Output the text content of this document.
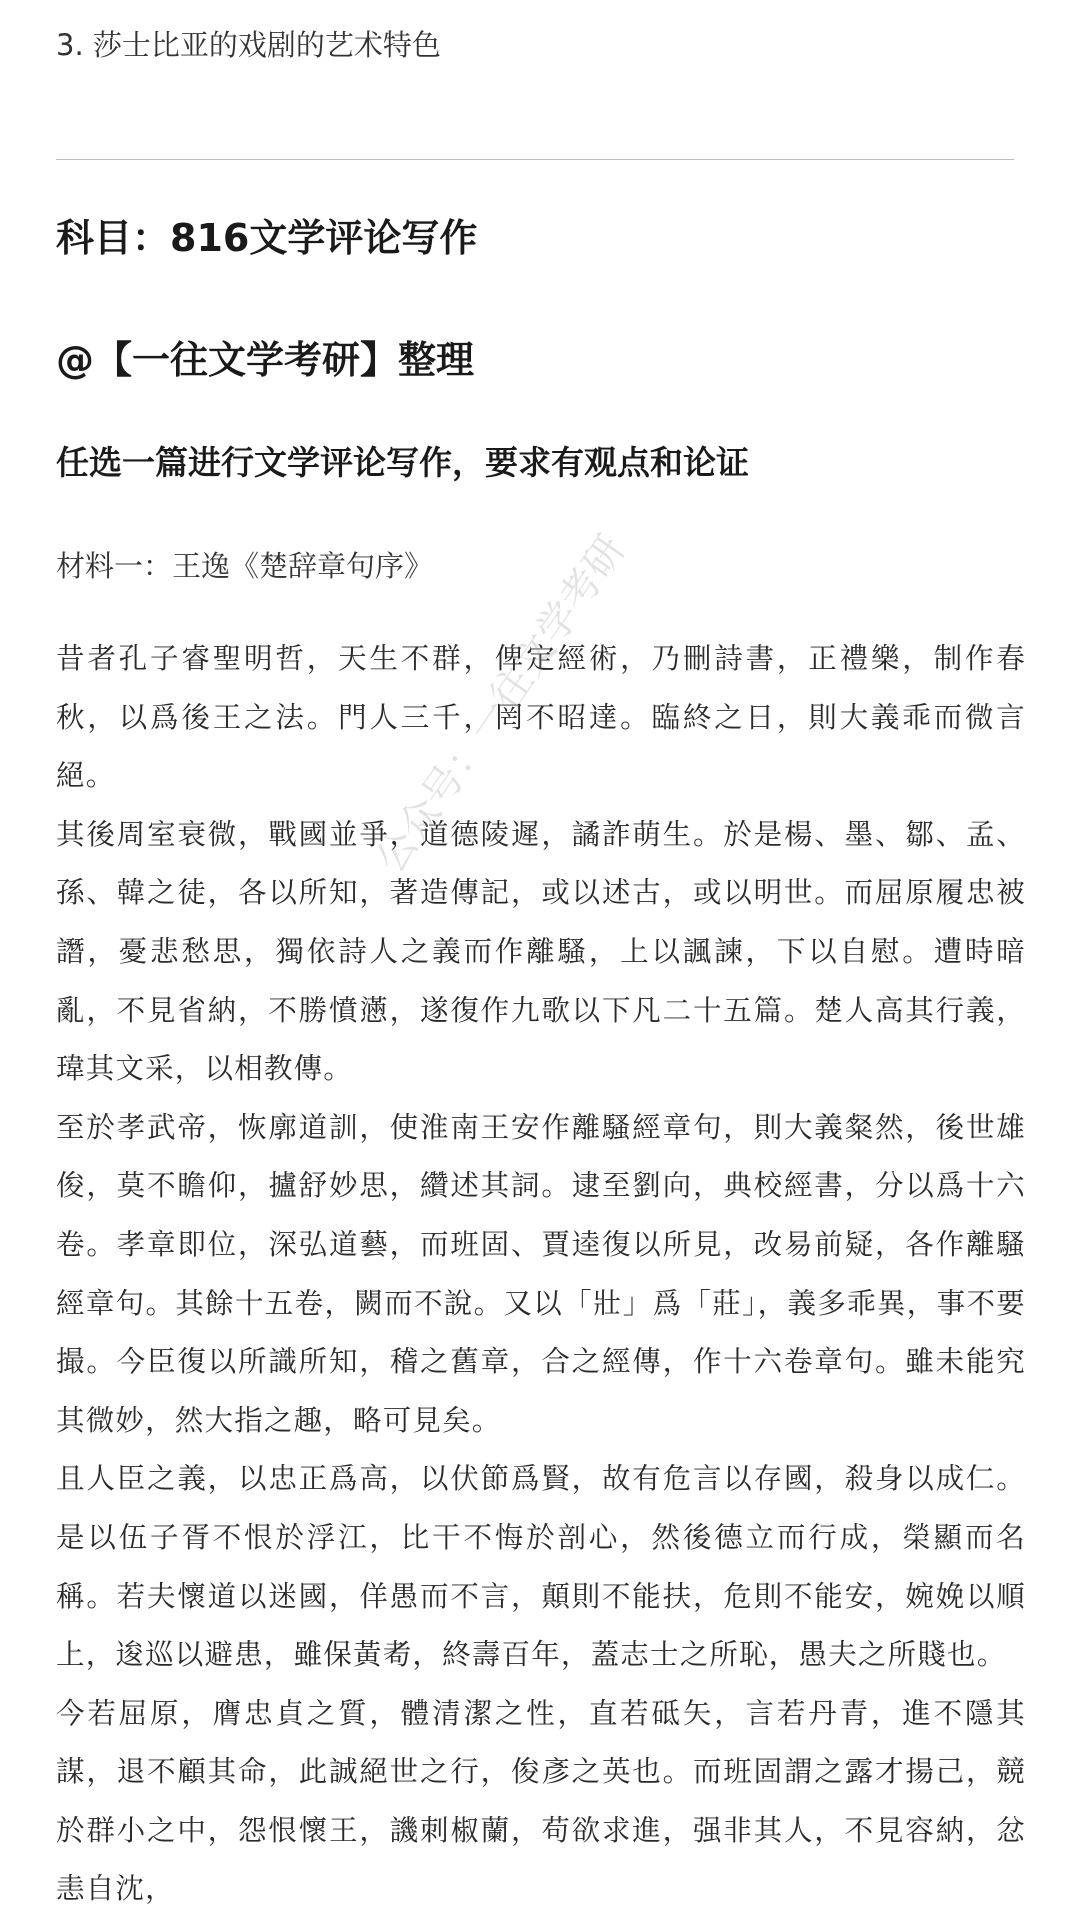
3. 莎士比亚的戏剧的艺术特色
科目：816文学评论写作
@【一往文学考研】整理
任选一篇进行文学评论写作，要求有观点和论证
材料一：王逸《楚辞章句序》

昔者孔子睿聖明哲，天生不群，俾定經術，乃刪詩書，正禮樂，制作春秋，以爲後王之法。門人三千，罔不昭達。臨終之日，則大義乖而微言絕。

其後周室衰微，戰國並爭，道德陵遲，譎詐萌生。於是楊、墨、鄒、孟、孫、韓之徒，各以所知，著造傳記，或以述古，或以明世。而屈原履忠被譖，憂悲愁思，獨依詩人之義而作離騷，上以諷諫，下以自慰。遭時暗亂，不見省納，不勝憤懣，遂復作九歌以下凡二十五篇。楚人高其行義，瑋其文采，以相教傳。

至於孝武帝，恢廓道訓，使淮南王安作離騷經章句，則大義粲然，後世雄俊，莫不瞻仰，攎舒妙思，纘述其詞。逮至劉向，典校經書，分以爲十六卷。孝章即位，深弘道藝，而班固、賈逵復以所見，改易前疑，各作離騷經章句。其餘十五卷，闕而不說。又以「壯」爲「莊」，義多乖異，事不要撮。今臣復以所識所知，稽之舊章，合之經傳，作十六卷章句。雖未能究其微妙，然大指之趣，略可見矣。

且人臣之義，以忠正爲高，以伏節爲賢，故有危言以存國，殺身以成仁。是以伍子胥不恨於浮江，比干不悔於剖心，然後德立而行成，榮顯而名稱。若夫懷道以迷國，佯愚而不言，顛則不能扶，危則不能安，婉娩以順上，逡巡以避患，雖保黃耇，終壽百年，蓋志士之所恥，愚夫之所賤也。

今若屈原，膺忠貞之質，體清潔之性，直若砥矢，言若丹青，進不隱其謀，退不顧其命，此誠絕世之行，俊彥之英也。而班固謂之露才揚己，競於群小之中，怨恨懷王，譏刺椒蘭，苟欲求進，强非其人，不見容納，忿恚自沈，

公众号：一往文学考研
